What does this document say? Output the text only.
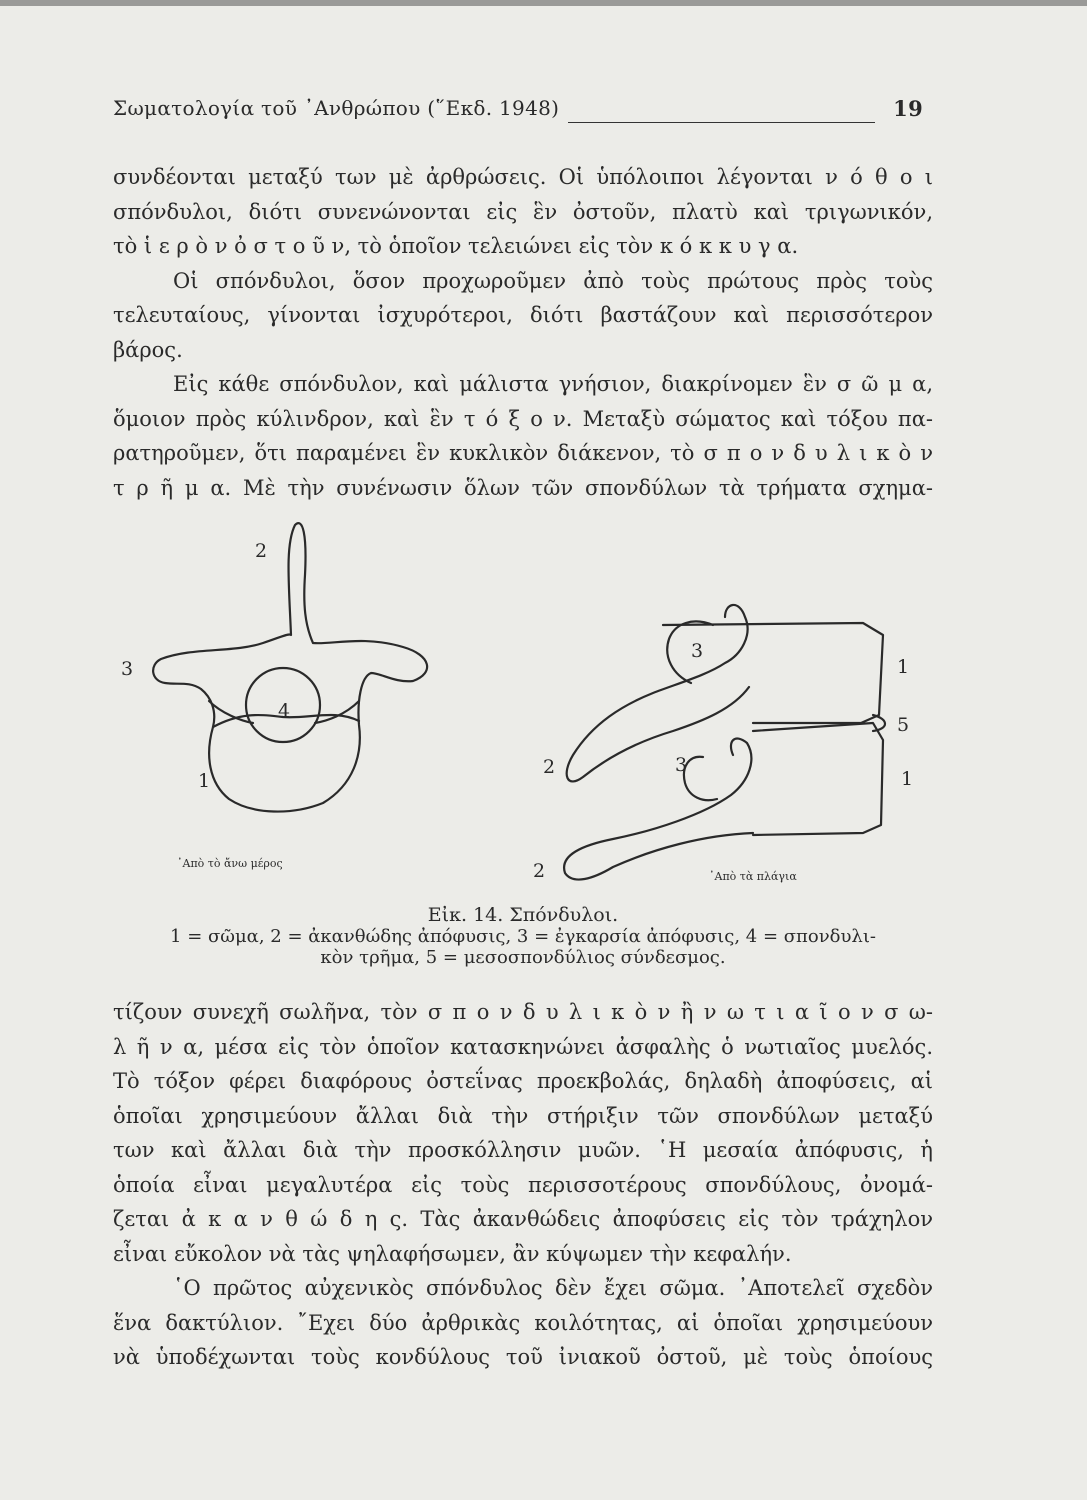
Σωματολογία τοῦ ᾿Ανθρώπου (῞Εκδ. 1948)	19
συνδέονται μεταξύ των μὲ ἀρθρώσεις. Οἱ ὑπόλοιποι λέγονται ν ό θ ο ι
σπόνδυλοι, διότι συνενώνονται εἰς ἓν ὀστοῦν, πλατὺ καὶ τριγωνικόν,
τὸ ἱ ε ρ ὸ ν ὀ σ τ ο ῦ ν, τὸ ὁποῖον τελειώνει εἰς τὸν κ ό κ κ υ γ α.
Οἱ σπόνδυλοι, ὅσον προχωροῦμεν ἀπὸ τοὺς πρώτους πρὸς τοὺς
τελευταίους, γίνονται ἰσχυρότεροι, διότι βαστάζουν καὶ περισσότερον
βάρος.
Εἰς κάθε σπόνδυλον, καὶ μάλιστα γνήσιον, διακρίνομεν ἓν σ ῶ μ α,
ὅμοιον πρὸς κύλινδρον, καὶ ἓν τ ό ξ ο ν. Μεταξὺ σώματος καὶ τόξου πα-
ρατηροῦμεν, ὅτι παραμένει ἓν κυκλικὸν διάκενον, τὸ σ π ο ν δ υ λ ι κ ὸ ν
τ ρ ῆ μ α. Μὲ τὴν συνένωσιν ὅλων τῶν σπονδύλων τὰ τρήματα σχημα-
2
3
4
1
᾿Απὸ τὸ ἄνω μέρος
3
1
5
2	3
1
2	᾿Απὸ τὰ πλάγια
Εἰκ. 14. Σπόνδυλοι.
1 = σῶμα, 2 = ἀκανθώδης ἀπόφυσις, 3 = ἐγκαρσία ἀπόφυσις, 4 = σπονδυλι-
κὸν τρῆμα, 5 = μεσοσπονδύλιος σύνδεσμος.
τίζουν συνεχῆ σωλῆνα, τὸν σ π ο ν δ υ λ ι κ ὸ ν ἢ ν ω τ ι α ῖ ο ν σ ω-
λ ῆ ν α, μέσα εἰς τὸν ὁποῖον κατασκηνώνει ἀσφαλὴς ὁ νωτιαῖος μυελός.
Τὸ τόξον φέρει διαφόρους ὀστεΐνας προεκβολάς, δηλαδὴ ἀποφύσεις, αἱ
ὁποῖαι χρησιμεύουν ἄλλαι διὰ τὴν στήριξιν τῶν σπονδύλων μεταξύ
των καὶ ἄλλαι διὰ τὴν προσκόλλησιν μυῶν. ῾Η μεσαία ἀπόφυσις, ἡ
ὁποία εἶναι μεγαλυτέρα εἰς τοὺς περισσοτέρους σπονδύλους, ὀνομά-
ζεται ἀ κ α ν θ ώ δ η ς. Τὰς ἀκανθώδεις ἀποφύσεις εἰς τὸν τράχηλον
εἶναι εὔκολον νὰ τὰς ψηλαφήσωμεν, ἂν κύψωμεν τὴν κεφαλήν.
῾Ο πρῶτος αὐχενικὸς σπόνδυλος δὲν ἔχει σῶμα. ᾿Αποτελεῖ σχεδὸν
ἕνα δακτύλιον. ῎Εχει δύο ἀρθρικὰς κοιλότητας, αἱ ὁποῖαι χρησιμεύουν
νὰ ὑποδέχωνται τοὺς κονδύλους τοῦ ἰνιακοῦ ὀστοῦ, μὲ τοὺς ὁποίους
